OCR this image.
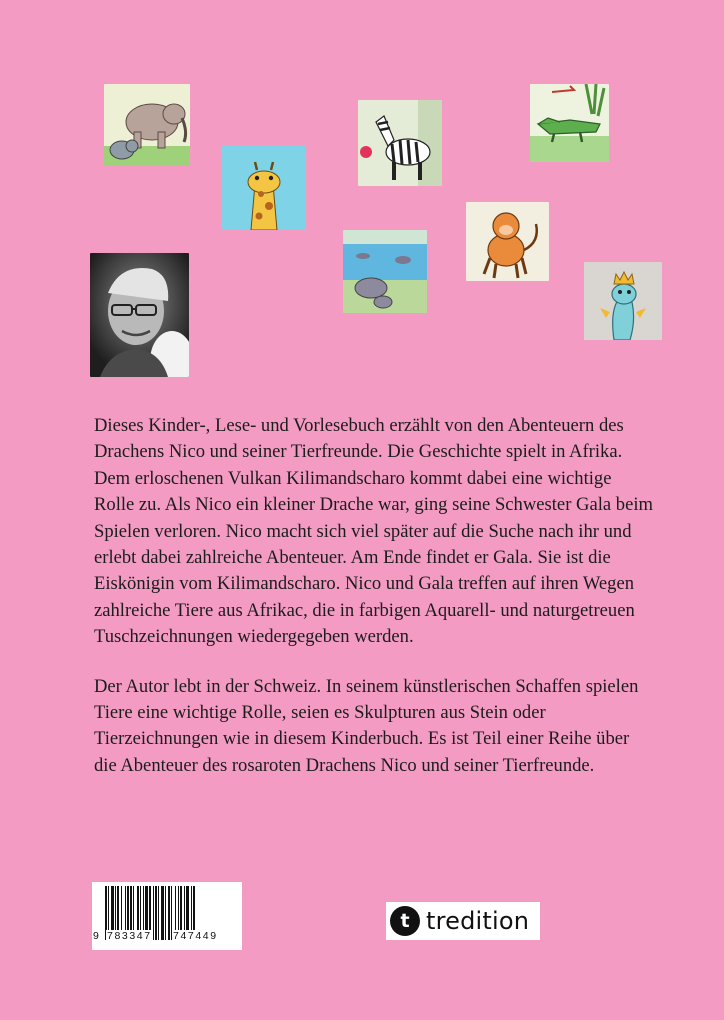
Dieses Kinder-, Lese- und Vorlesebuch erzählt von den Abenteuern des Drachens Nico und seiner Tierfreunde. Die Geschichte spielt in Afrika. Dem erloschenen Vulkan Kilimandscharo kommt dabei eine wichtige Rolle zu. Als Nico ein kleiner Drache war, ging seine Schwester Gala beim Spielen verloren. Nico macht sich viel später auf die Suche nach ihr und erlebt dabei zahlreiche Abenteuer. Am Ende findet er Gala. Sie ist die Eiskönigin vom Kilimandscharo. Nico und Gala treffen auf ihren Wegen zahlreiche Tiere aus Afrikac, die in farbigen Aquarell- und naturgetreuen Tuschzeichnungen wiedergegeben werden.

Der Autor lebt in der Schweiz. In seinem künstlerischen Schaffen spielen Tiere eine wichtige Rolle, seien es Skulpturen aus Stein oder Tierzeichnungen wie in diesem Kinderbuch. Es ist Teil einer Reihe über die Abenteuer des rosaroten Drachens Nico und seiner Tierfreunde.

9 783347 747449
t tredition
